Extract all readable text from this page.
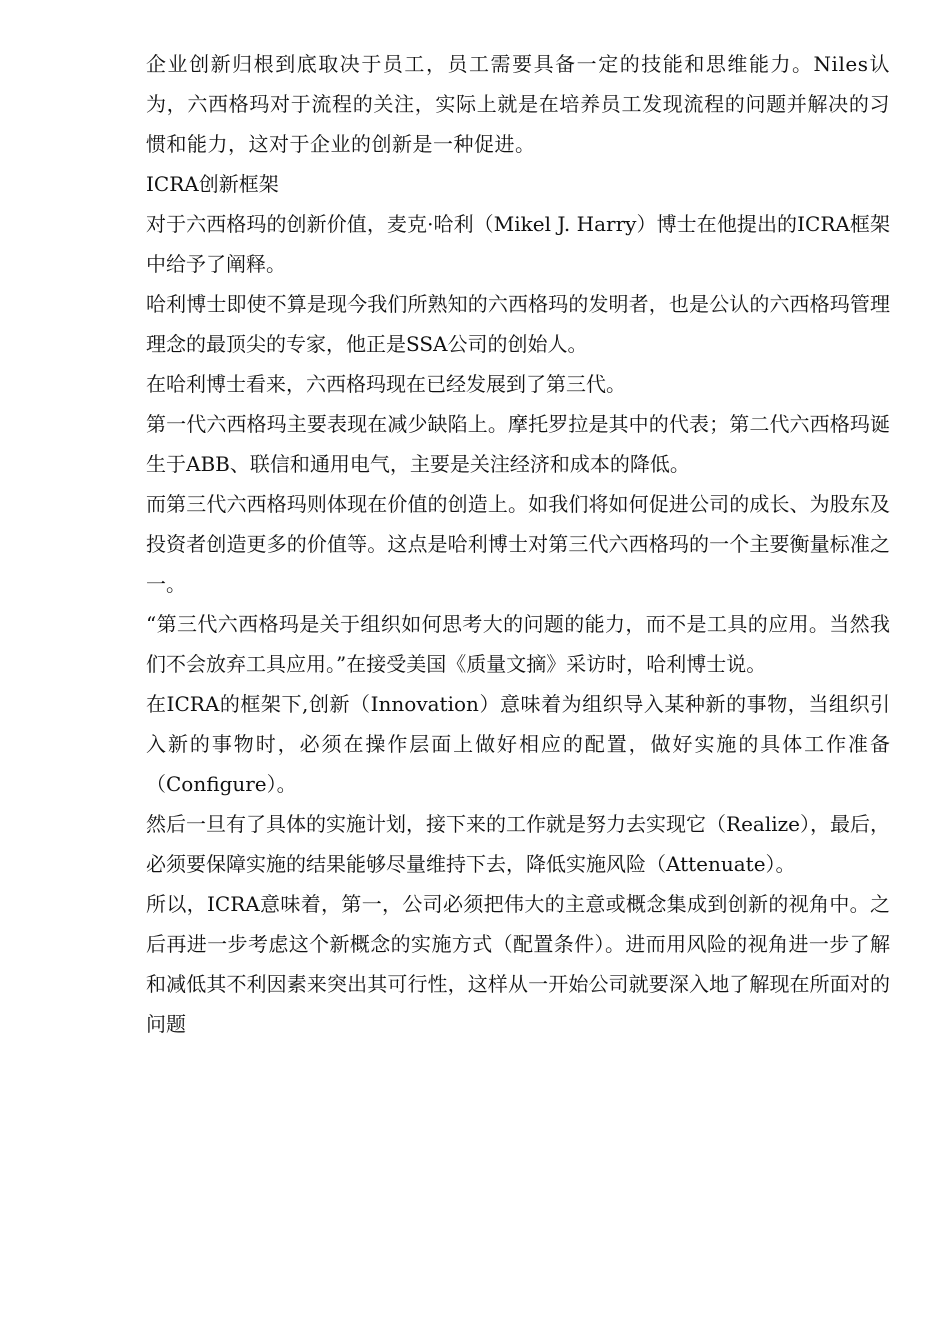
企业创新归根到底取决于员工，员工需要具备一定的技能和思维能力。Niles认为，六西格玛对于流程的关注，实际上就是在培养员工发现流程的问题并解决的习惯和能力，这对于企业的创新是一种促进。

ICRA创新框架

对于六西格玛的创新价值，麦克·哈利（Mikel J. Harry）博士在他提出的ICRA框架中给予了阐释。

哈利博士即使不算是现今我们所熟知的六西格玛的发明者，也是公认的六西格玛管理理念的最顶尖的专家，他正是SSA公司的创始人。

在哈利博士看来，六西格玛现在已经发展到了第三代。

第一代六西格玛主要表现在减少缺陷上。摩托罗拉是其中的代表；第二代六西格玛诞生于ABB、联信和通用电气，主要是关注经济和成本的降低。

而第三代六西格玛则体现在价值的创造上。如我们将如何促进公司的成长、为股东及投资者创造更多的价值等。这点是哈利博士对第三代六西格玛的一个主要衡量标准之一。

“第三代六西格玛是关于组织如何思考大的问题的能力，而不是工具的应用。当然我们不会放弃工具应用。”在接受美国《质量文摘》采访时，哈利博士说。

在ICRA的框架下,创新（Innovation）意味着为组织导入某种新的事物，当组织引入新的事物时，必须在操作层面上做好相应的配置，做好实施的具体工作准备（Configure）。

然后一旦有了具体的实施计划，接下来的工作就是努力去实现它（Realize），最后，必须要保障实施的结果能够尽量维持下去，降低实施风险（Attenuate）。

所以，ICRA意味着，第一，公司必须把伟大的主意或概念集成到创新的视角中。之后再进一步考虑这个新概念的实施方式（配置条件）。进而用风险的视角进一步了解和减低其不利因素来突出其可行性，这样从一开始公司就要深入地了解现在所面对的问题
